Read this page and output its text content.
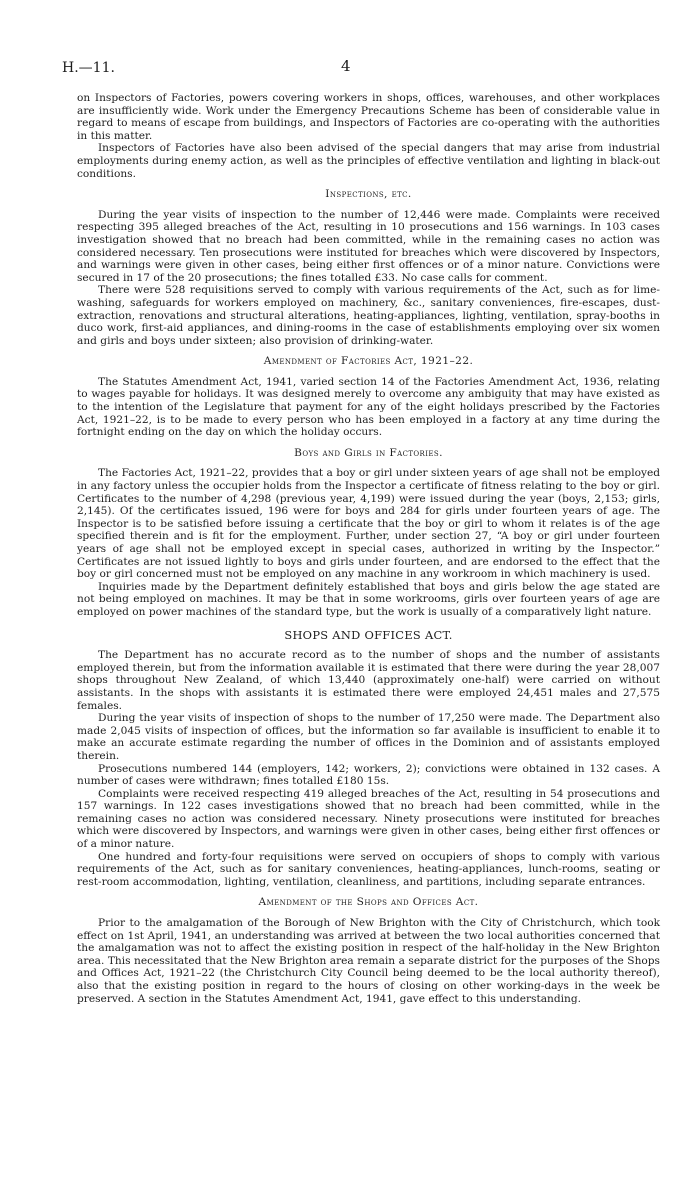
H.—11.	4

on Inspectors of Factories, powers covering workers in shops, offices, warehouses, and other workplaces are insufficiently wide. Work under the Emergency Precautions Scheme has been of considerable value in regard to means of escape from buildings, and Inspectors of Factories are co-operating with the authorities in this matter.

Inspectors of Factories have also been advised of the special dangers that may arise from industrial employments during enemy action, as well as the principles of effective ventilation and lighting in black-out conditions.

Inspections, etc.

During the year visits of inspection to the number of 12,446 were made. Complaints were received respecting 395 alleged breaches of the Act, resulting in 10 prosecutions and 156 warnings. In 103 cases investigation showed that no breach had been committed, while in the remaining cases no action was considered necessary. Ten prosecutions were instituted for breaches which were discovered by Inspectors, and warnings were given in other cases, being either first offences or of a minor nature. Convictions were secured in 17 of the 20 prosecutions; the fines totalled £33. No case calls for comment.

There were 528 requisitions served to comply with various requirements of the Act, such as for lime-washing, safeguards for workers employed on machinery, &c., sanitary conveniences, fire-escapes, dust-extraction, renovations and structural alterations, heating-appliances, lighting, ventilation, spray-booths in duco work, first-aid appliances, and dining-rooms in the case of establishments employing over six women and girls and boys under sixteen; also provision of drinking-water.

Amendment of Factories Act, 1921–22.

The Statutes Amendment Act, 1941, varied section 14 of the Factories Amendment Act, 1936, relating to wages payable for holidays. It was designed merely to overcome any ambiguity that may have existed as to the intention of the Legislature that payment for any of the eight holidays prescribed by the Factories Act, 1921–22, is to be made to every person who has been employed in a factory at any time during the fortnight ending on the day on which the holiday occurs.

Boys and Girls in Factories.

The Factories Act, 1921–22, provides that a boy or girl under sixteen years of age shall not be employed in any factory unless the occupier holds from the Inspector a certificate of fitness relating to the boy or girl. Certificates to the number of 4,298 (previous year, 4,199) were issued during the year (boys, 2,153; girls, 2,145). Of the certificates issued, 196 were for boys and 284 for girls under fourteen years of age. The Inspector is to be satisfied before issuing a certificate that the boy or girl to whom it relates is of the age specified therein and is fit for the employment. Further, under section 27, “A boy or girl under fourteen years of age shall not be employed except in special cases, authorized in writing by the Inspector.” Certificates are not issued lightly to boys and girls under fourteen, and are endorsed to the effect that the boy or girl concerned must not be employed on any machine in any workroom in which machinery is used.

Inquiries made by the Department definitely established that boys and girls below the age stated are not being employed on machines. It may be that in some workrooms, girls over fourteen years of age are employed on power machines of the standard type, but the work is usually of a comparatively light nature.

SHOPS AND OFFICES ACT.

The Department has no accurate record as to the number of shops and the number of assistants employed therein, but from the information available it is estimated that there were during the year 28,007 shops throughout New Zealand, of which 13,440 (approximately one-half) were carried on without assistants. In the shops with assistants it is estimated there were employed 24,451 males and 27,575 females.

During the year visits of inspection of shops to the number of 17,250 were made. The Department also made 2,045 visits of inspection of offices, but the information so far available is insufficient to enable it to make an accurate estimate regarding the number of offices in the Dominion and of assistants employed therein.

Prosecutions numbered 144 (employers, 142; workers, 2); convictions were obtained in 132 cases. A number of cases were withdrawn; fines totalled £180 15s.

Complaints were received respecting 419 alleged breaches of the Act, resulting in 54 prosecutions and 157 warnings. In 122 cases investigations showed that no breach had been committed, while in the remaining cases no action was considered necessary. Ninety prosecutions were instituted for breaches which were discovered by Inspectors, and warnings were given in other cases, being either first offences or of a minor nature.

One hundred and forty-four requisitions were served on occupiers of shops to comply with various requirements of the Act, such as for sanitary conveniences, heating-appliances, lunch-rooms, seating or rest-room accommodation, lighting, ventilation, cleanliness, and partitions, including separate entrances.

Amendment of the Shops and Offices Act.

Prior to the amalgamation of the Borough of New Brighton with the City of Christchurch, which took effect on 1st April, 1941, an understanding was arrived at between the two local authorities concerned that the amalgamation was not to affect the existing position in respect of the half-holiday in the New Brighton area. This necessitated that the New Brighton area remain a separate district for the purposes of the Shops and Offices Act, 1921–22 (the Christchurch City Council being deemed to be the local authority thereof), also that the existing position in regard to the hours of closing on other working-days in the week be preserved. A section in the Statutes Amendment Act, 1941, gave effect to this understanding.
